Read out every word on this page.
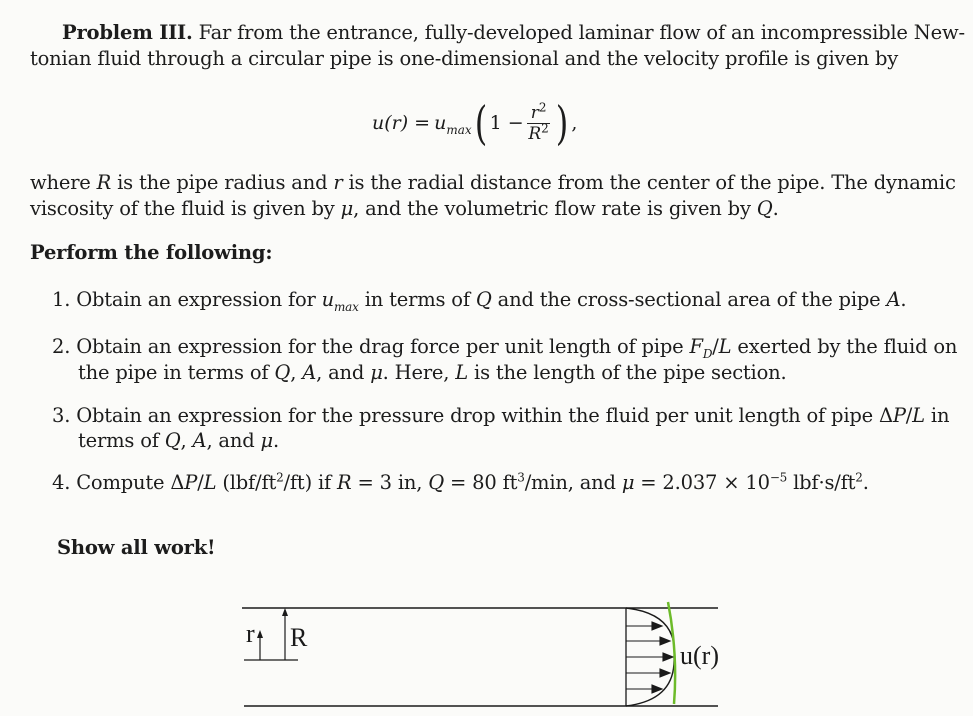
Problem III. Far from the entrance, fully-developed laminar flow of an incompressible New-
tonian fluid through a circular pipe is one-dimensional and the velocity profile is given by
$u(r) = u_{max}$ ( $1 - \frac{r^2}{R^2}$ ) ,
where R is the pipe radius and r is the radial distance from the center of the pipe. The dynamic
viscosity of the fluid is given by μ, and the volumetric flow rate is given by Q.
Perform the following:
1. Obtain an expression for $u_{max}$ in terms of Q and the cross-sectional area of the pipe A.
2. Obtain an expression for the drag force per unit length of pipe $F_D/L$ exerted by the fluid on
the pipe in terms of Q, A, and μ. Here, L is the length of the pipe section.
3. Obtain an expression for the pressure drop within the fluid per unit length of pipe ΔP/L in
terms of Q, A, and μ.
4. Compute ΔP/L $(lbf/ft^2/ft)$ if R = 3 in, Q = 80 $ft^3/\min$, and $\mu = 2.037 \times 10^{-5}$ $lbf\cdot s/ft^2$.
Show all work!
r R
u(r)
